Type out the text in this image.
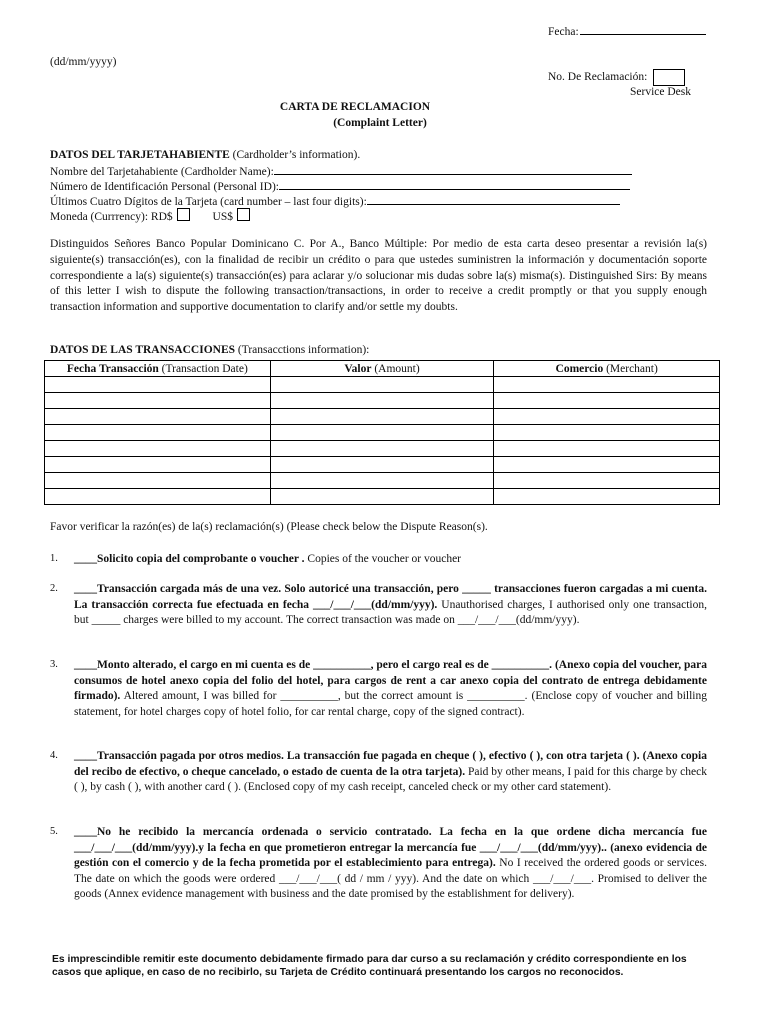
Fecha:
(dd/mm/yyyy)
No. De Reclamación:
Service Desk
CARTA DE RECLAMACION
(Complaint Letter)
DATOS DEL TARJETAHABIENTE (Cardholder’s information).
Nombre del Tarjetahabiente (Cardholder Name):
Número de Identificación Personal (Personal ID):
Últimos Cuatro Dígitos de la Tarjeta (card number – last four digits):
Moneda (Currrency): RD$	US$
Distinguidos Señores Banco Popular Dominicano C. Por A., Banco Múltiple: Por medio de esta carta deseo presentar a revisión la(s) siguiente(s) transacción(es), con la finalidad de recibir un crédito o para que ustedes suministren la información y documentación soporte correspondiente a la(s) siguiente(s) transacción(es) para aclarar y/o solucionar mis dudas sobre la(s) misma(s). Distinguished Sirs: By means of this letter I wish to dispute the following transaction/transactions, in order to receive a credit promptly or that you supply enough transaction information and supportive documentation to clarify and/or settle my doubts.
DATOS DE LAS TRANSACCIONES (Transacctions information):
Fecha Transacción (Transaction Date)	Valor (Amount)	Comercio (Merchant)

Favor verificar la razón(es) de la(s) reclamación(s) (Please check below the Dispute Reason(s).
1. ____Solicito copia del comprobante o voucher . Copies of the voucher or voucher
2. ____Transacción cargada más de una vez. Solo autoricé una transacción, pero _____ transacciones fueron cargadas a mi cuenta. La transacción correcta fue efectuada en fecha ___/___/___(dd/mm/yyy). Unauthorised charges, I authorised only one transaction, but _____ charges were billed to my account. The correct transaction was made on ___/___/___(dd/mm/yyy).
3. ____Monto alterado, el cargo en mi cuenta es de __________, pero el cargo real es de __________. (Anexo copia del voucher, para consumos de hotel anexo copia del folio del hotel, para cargos de rent a car anexo copia del contrato de entrega debidamente firmado). Altered amount, I was billed for __________, but the correct amount is __________. (Enclose copy of voucher and billing statement, for hotel charges copy of hotel folio, for car rental charge, copy of the signed contract).
4. ____Transacción pagada por otros medios. La transacción fue pagada en cheque ( ), efectivo ( ), con otra tarjeta ( ). (Anexo copia del recibo de efectivo, o cheque cancelado, o estado de cuenta de la otra tarjeta). Paid by other means, I paid for this charge by check ( ), by cash ( ), with another card ( ). (Enclosed copy of my cash receipt, canceled check or my other card statement).
5. ____No he recibido la mercancía ordenada o servicio contratado. La fecha en la que ordene dicha mercancía fue ___/___/___(dd/mm/yyy).y la fecha en que prometieron entregar la mercancía fue ___/___/___(dd/mm/yyy).. (anexo evidencia de gestión con el comercio y de la fecha prometida por el establecimiento para entrega). No I received the ordered goods or services. The date on which the goods were ordered ___/___/___( dd / mm / yyy). And the date on which ___/___/___. Promised to deliver the goods (Annex evidence management with business and the date promised by the establishment for delivery).
Es imprescindible remitir este documento debidamente firmado para dar curso a su reclamación y crédito correspondiente en los casos que aplique, en caso de no recibirlo, su Tarjeta de Crédito continuará presentando los cargos no reconocidos.
